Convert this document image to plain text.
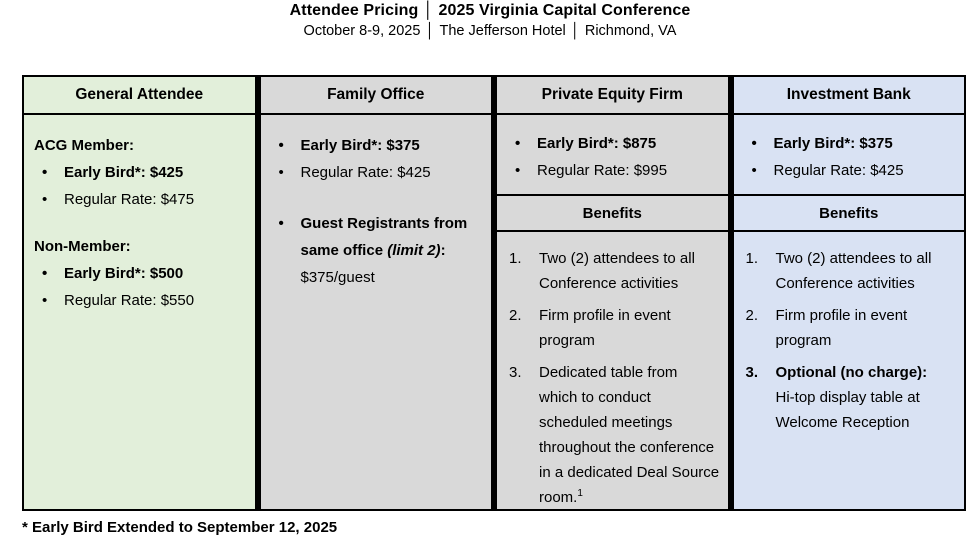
Attendee Pricing │ 2025 Virginia Capital Conference
October 8-9, 2025 │ The Jefferson Hotel │ Richmond, VA
General Attendee
ACG Member:
•	Early Bird*: $425
•	Regular Rate: $475
Non-Member:
•	Early Bird*: $500
•	Regular Rate: $550
Family Office
•	Early Bird*: $375
•	Regular Rate: $425
•	Guest Registrants from same office (limit 2):
$375/guest
Private Equity Firm
•	Early Bird*: $875
•	Regular Rate: $995
Benefits
1.	Two (2) attendees to all Conference activities
2.	Firm profile in event program
3.	Dedicated table from which to conduct scheduled meetings throughout the conference in a dedicated Deal Source room.$^1$
Investment Bank
•	Early Bird*: $375
•	Regular Rate: $425
Benefits
1.	Two (2) attendees to all Conference activities
2.	Firm profile in event program
3.	Optional (no charge):
Hi-top display table at Welcome Reception
* Early Bird Extended to September 12, 2025
